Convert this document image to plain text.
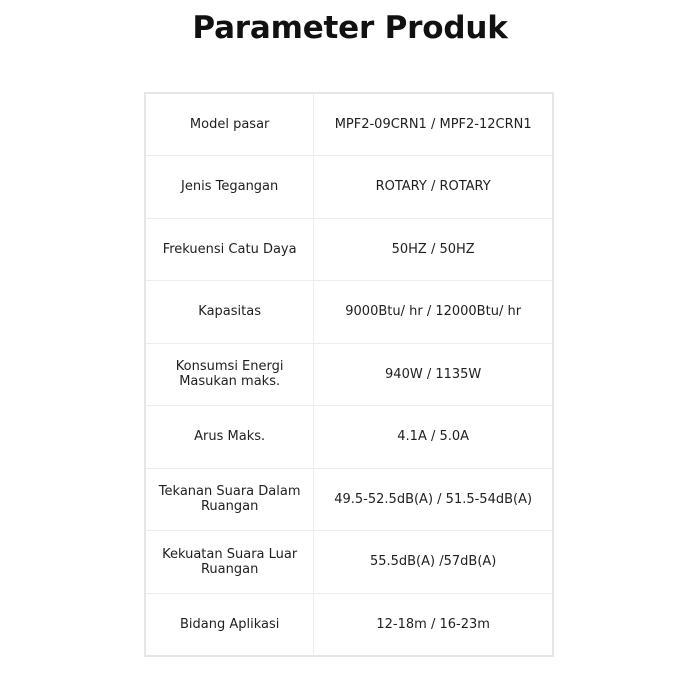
Parameter Produk
Model pasar	MPF2-09CRN1 / MPF2-12CRN1
Jenis Tegangan	ROTARY / ROTARY
Frekuensi Catu Daya	50HZ / 50HZ
Kapasitas	9000Btu/ hr / 12000Btu/ hr
Konsumsi Energi Masukan maks.	940W / 1135W
Arus Maks.	4.1A / 5.0A
Tekanan Suara Dalam Ruangan	49.5-52.5dB(A) / 51.5-54dB(A)
Kekuatan Suara Luar Ruangan	55.5dB(A) /57dB(A)
Bidang Aplikasi	12-18m / 16-23m
